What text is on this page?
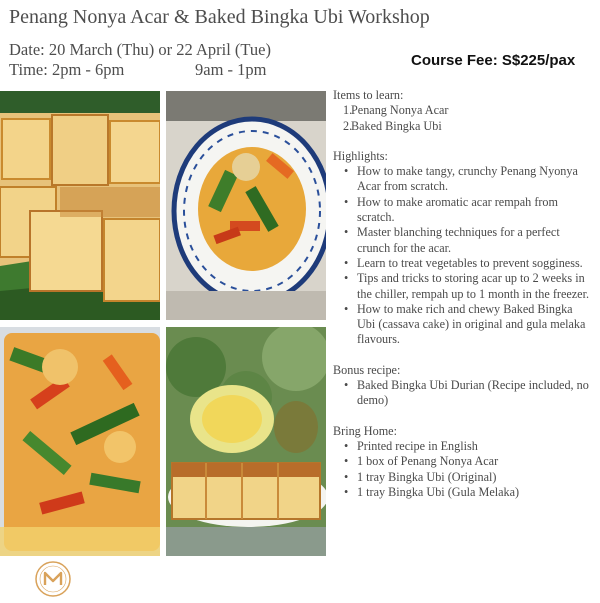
Penang Nonya Acar & Baked Bingka Ubi Workshop
Date: 20 March (Thu) or 22 April (Tue)
Time: 2pm - 6pm	9am - 1pm	Course Fee: S$225/pax
Items to learn:
1.
Penang Nonya Acar
2.
Baked Bingka Ubi
Highlights:
• How to make tangy, crunchy Penang Nyonya Acar from scratch.
• How to make aromatic acar rempah from scratch.
• Master blanching techniques for a perfect crunch for the acar.
• Learn to treat vegetables to prevent sogginess.
• Tips and tricks to storing acar up to 2 weeks in the chiller, rempah up to 1 month in the freezer.
• How to make rich and chewy Baked Bingka Ubi (cassava cake) in original and gula melaka flavours.
Bonus recipe:
• Baked Bingka Ubi Durian (Recipe included, no demo)
Bring Home:
• Printed recipe in English
• 1 box of Penang Nonya Acar
• 1 tray Bingka Ubi (Original)
• 1 tray Bingka Ubi (Gula Melaka)
